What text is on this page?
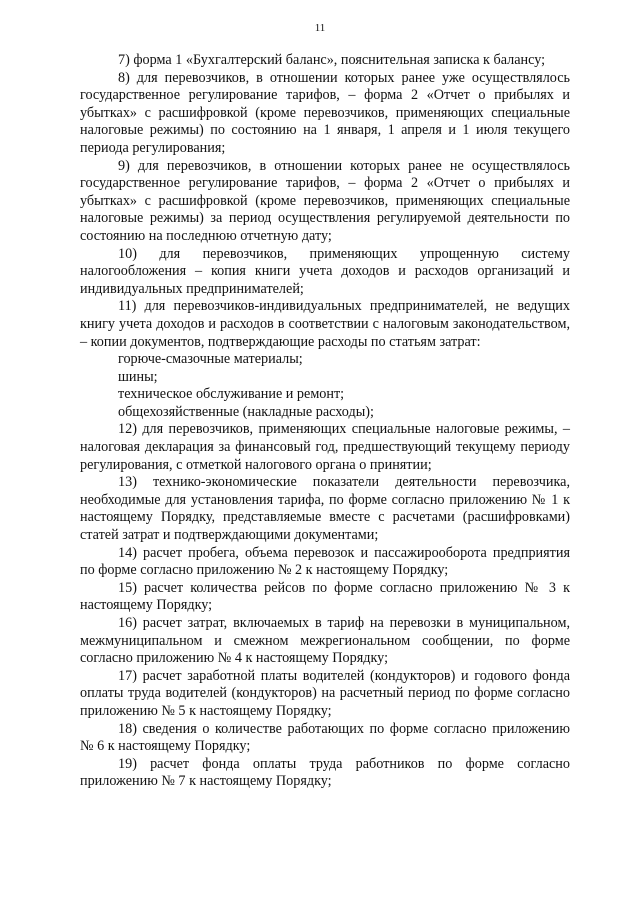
11

7) форма 1 «Бухгалтерский баланс», пояснительная записка к балансу;

8) для перевозчиков, в отношении которых ранее уже осуществлялось государственное регулирование тарифов, – форма 2 «Отчет о прибылях и убытках» с расшифровкой (кроме перевозчиков, применяющих специальные налоговые режимы) по состоянию на 1 января, 1 апреля и 1 июля текущего периода регулирования;

9) для перевозчиков, в отношении которых ранее не осуществлялось государственное регулирование тарифов, – форма 2 «Отчет о прибылях и убытках» с расшифровкой (кроме перевозчиков, применяющих специальные налоговые режимы) за период осуществления регулируемой деятельности по состоянию на последнюю отчетную дату;

10) для перевозчиков, применяющих упрощенную систему налогообложения – копия книги учета доходов и расходов организаций и индивидуальных предпринимателей;

11) для перевозчиков-индивидуальных предпринимателей, не ведущих книгу учета доходов и расходов в соответствии с налоговым законодательством, – копии документов, подтверждающие расходы по статьям затрат:

горюче-смазочные материалы;

шины;

техническое обслуживание и ремонт;

общехозяйственные (накладные расходы);

12) для перевозчиков, применяющих специальные налоговые режимы, – налоговая декларация за финансовый год, предшествующий текущему периоду регулирования, с отметкой налогового органа о принятии;

13) технико-экономические показатели деятельности перевозчика, необходимые для установления тарифа, по форме согласно приложению № 1 к настоящему Порядку, представляемые вместе с расчетами (расшифровками) статей затрат и подтверждающими документами;

14) расчет пробега, объема перевозок и пассажирооборота предприятия по форме согласно приложению № 2 к настоящему Порядку;

15) расчет количества рейсов по форме согласно приложению № 3 к настоящему Порядку;

16) расчет затрат, включаемых в тариф на перевозки в муниципальном, межмуниципальном и смежном межрегиональном сообщении, по форме согласно приложению № 4 к настоящему Порядку;

17) расчет заработной платы водителей (кондукторов) и годового фонда оплаты труда водителей (кондукторов) на расчетный период по форме согласно приложению № 5 к настоящему Порядку;

18) сведения о количестве работающих по форме согласно приложению № 6 к настоящему Порядку;

19) расчет фонда оплаты труда работников по форме согласно приложению № 7 к настоящему Порядку;
